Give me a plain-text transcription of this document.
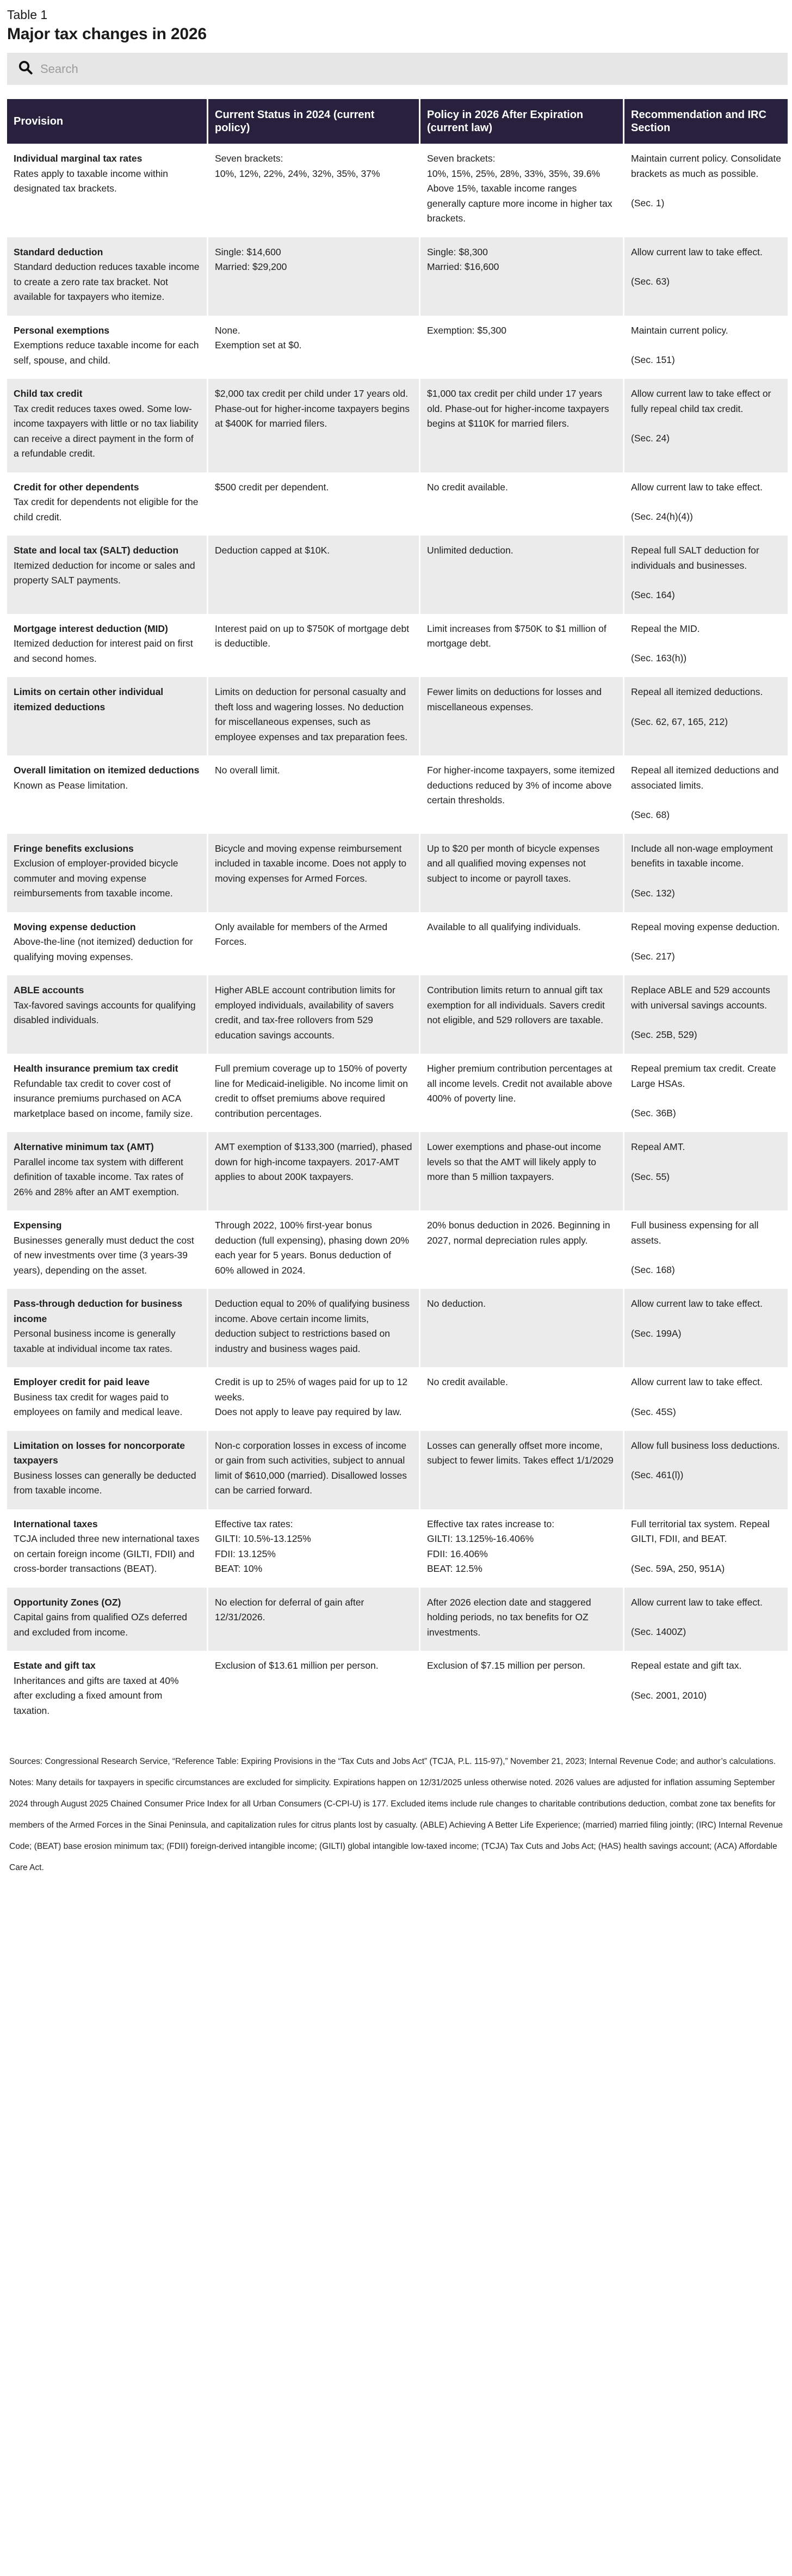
Table 1
Major tax changes in 2026
Search
Provision	Current Status in 2024 (current policy)	Policy in 2026 After Expiration (current law)	Recommendation and IRC Section

Individual marginal tax rates
Rates apply to taxable income within designated tax brackets.	Seven brackets:
10%, 12%, 22%, 24%, 32%, 35%, 37%	Seven brackets:
10%, 15%, 25%, 28%, 33%, 35%, 39.6%
Above 15%, taxable income ranges generally capture more income in higher tax brackets.	Maintain current policy. Consolidate brackets as much as possible.
(Sec. 1)

Standard deduction
Standard deduction reduces taxable income to create a zero rate tax bracket. Not available for taxpayers who itemize.	Single: $14,600
Married: $29,200	Single: $8,300
Married: $16,600	Allow current law to take effect.
(Sec. 63)

Personal exemptions
Exemptions reduce taxable income for each self, spouse, and child.	None.
Exemption set at $0.	Exemption: $5,300	Maintain current policy.
(Sec. 151)

Child tax credit
Tax credit reduces taxes owed. Some low-income taxpayers with little or no tax liability can receive a direct payment in the form of a refundable credit.	$2,000 tax credit per child under 17 years old. Phase-out for higher-income taxpayers begins at $400K for married filers.	$1,000 tax credit per child under 17 years old. Phase-out for higher-income taxpayers begins at $110K for married filers.	Allow current law to take effect or fully repeal child tax credit.
(Sec. 24)

Credit for other dependents
Tax credit for dependents not eligible for the child credit.	$500 credit per dependent.	No credit available.	Allow current law to take effect.
(Sec. 24(h)(4))

State and local tax (SALT) deduction
Itemized deduction for income or sales and property SALT payments.	Deduction capped at $10K.	Unlimited deduction.	Repeal full SALT deduction for individuals and businesses.
(Sec. 164)

Mortgage interest deduction (MID)
Itemized deduction for interest paid on first and second homes.	Interest paid on up to $750K of mortgage debt is deductible.	Limit increases from $750K to $1 million of mortgage debt.	Repeal the MID.
(Sec. 163(h))

Limits on certain other individual itemized deductions	Limits on deduction for personal casualty and theft loss and wagering losses. No deduction for miscellaneous expenses, such as employee expenses and tax preparation fees.	Fewer limits on deductions for losses and miscellaneous expenses.	Repeal all itemized deductions.
(Sec. 62, 67, 165, 212)

Overall limitation on itemized deductions
Known as Pease limitation.	No overall limit.	For higher-income taxpayers, some itemized deductions reduced by 3% of income above certain thresholds.	Repeal all itemized deductions and associated limits.
(Sec. 68)

Fringe benefits exclusions
Exclusion of employer-provided bicycle commuter and moving expense reimbursements from taxable income.	Bicycle and moving expense reimbursement included in taxable income. Does not apply to moving expenses for Armed Forces.	Up to $20 per month of bicycle expenses and all qualified moving expenses not subject to income or payroll taxes.	Include all non-wage employment benefits in taxable income.
(Sec. 132)

Moving expense deduction
Above-the-line (not itemized) deduction for qualifying moving expenses.	Only available for members of the Armed Forces.	Available to all qualifying individuals.	Repeal moving expense deduction.
(Sec. 217)

ABLE accounts
Tax-favored savings accounts for qualifying disabled individuals.	Higher ABLE account contribution limits for employed individuals, availability of savers credit, and tax-free rollovers from 529 education savings accounts.	Contribution limits return to annual gift tax exemption for all individuals. Savers credit not eligible, and 529 rollovers are taxable.	Replace ABLE and 529 accounts with universal savings accounts.
(Sec. 25B, 529)

Health insurance premium tax credit
Refundable tax credit to cover cost of insurance premiums purchased on ACA marketplace based on income, family size.	Full premium coverage up to 150% of poverty line for Medicaid-ineligible. No income limit on credit to offset premiums above required contribution percentages.	Higher premium contribution percentages at all income levels. Credit not available above 400% of poverty line.	Repeal premium tax credit. Create Large HSAs.
(Sec. 36B)

Alternative minimum tax (AMT)
Parallel income tax system with different definition of taxable income. Tax rates of 26% and 28% after an AMT exemption.	AMT exemption of $133,300 (married), phased down for high-income taxpayers. 2017-AMT applies to about 200K taxpayers.	Lower exemptions and phase-out income levels so that the AMT will likely apply to more than 5 million taxpayers.	Repeal AMT.
(Sec. 55)

Expensing
Businesses generally must deduct the cost of new investments over time (3 years-39 years), depending on the asset.	Through 2022, 100% first-year bonus deduction (full expensing), phasing down 20% each year for 5 years. Bonus deduction of 60% allowed in 2024.	20% bonus deduction in 2026. Beginning in 2027, normal depreciation rules apply.	Full business expensing for all assets.
(Sec. 168)

Pass-through deduction for business income
Personal business income is generally taxable at individual income tax rates.	Deduction equal to 20% of qualifying business income. Above certain income limits, deduction subject to restrictions based on industry and business wages paid.	No deduction.	Allow current law to take effect.
(Sec. 199A)

Employer credit for paid leave
Business tax credit for wages paid to employees on family and medical leave.	Credit is up to 25% of wages paid for up to 12 weeks.
Does not apply to leave pay required by law.	No credit available.	Allow current law to take effect.
(Sec. 45S)

Limitation on losses for noncorporate taxpayers
Business losses can generally be deducted from taxable income.	Non-c corporation losses in excess of income or gain from such activities, subject to annual limit of $610,000 (married). Disallowed losses can be carried forward.	Losses can generally offset more income, subject to fewer limits. Takes effect 1/1/2029	Allow full business loss deductions.
(Sec. 461(l))

International taxes
TCJA included three new international taxes on certain foreign income (GILTI, FDII) and cross-border transactions (BEAT).	Effective tax rates:
GILTI: 10.5%-13.125%
FDII: 13.125%
BEAT: 10%	Effective tax rates increase to:
GILTI: 13.125%-16.406%
FDII: 16.406%
BEAT: 12.5%	Full territorial tax system. Repeal GILTI, FDII, and BEAT.
(Sec. 59A, 250, 951A)

Opportunity Zones (OZ)
Capital gains from qualified OZs deferred and excluded from income.	No election for deferral of gain after 12/31/2026.	After 2026 election date and staggered holding periods, no tax benefits for OZ investments.	Allow current law to take effect.
(Sec. 1400Z)

Estate and gift tax
Inheritances and gifts are taxed at 40% after excluding a fixed amount from taxation.	Exclusion of $13.61 million per person.	Exclusion of $7.15 million per person.	Repeal estate and gift tax.
(Sec. 2001, 2010)

Sources: Congressional Research Service, “Reference Table: Expiring Provisions in the “Tax Cuts and Jobs Act” (TCJA, P.L. 115-97),” November 21, 2023; Internal Revenue Code; and author’s calculations.

Notes: Many details for taxpayers in specific circumstances are excluded for simplicity. Expirations happen on 12/31/2025 unless otherwise noted. 2026 values are adjusted for inflation assuming September 2024 through August 2025 Chained Consumer Price Index for all Urban Consumers (C-CPI-U) is 177. Excluded items include rule changes to charitable contributions deduction, combat zone tax benefits for members of the Armed Forces in the Sinai Peninsula, and capitalization rules for citrus plants lost by casualty. (ABLE) Achieving A Better Life Experience; (married) married filing jointly; (IRC) Internal Revenue Code; (BEAT) base erosion minimum tax; (FDII) foreign-derived intangible income; (GILTI) global intangible low-taxed income; (TCJA) Tax Cuts and Jobs Act; (HAS) health savings account; (ACA) Affordable Care Act.
